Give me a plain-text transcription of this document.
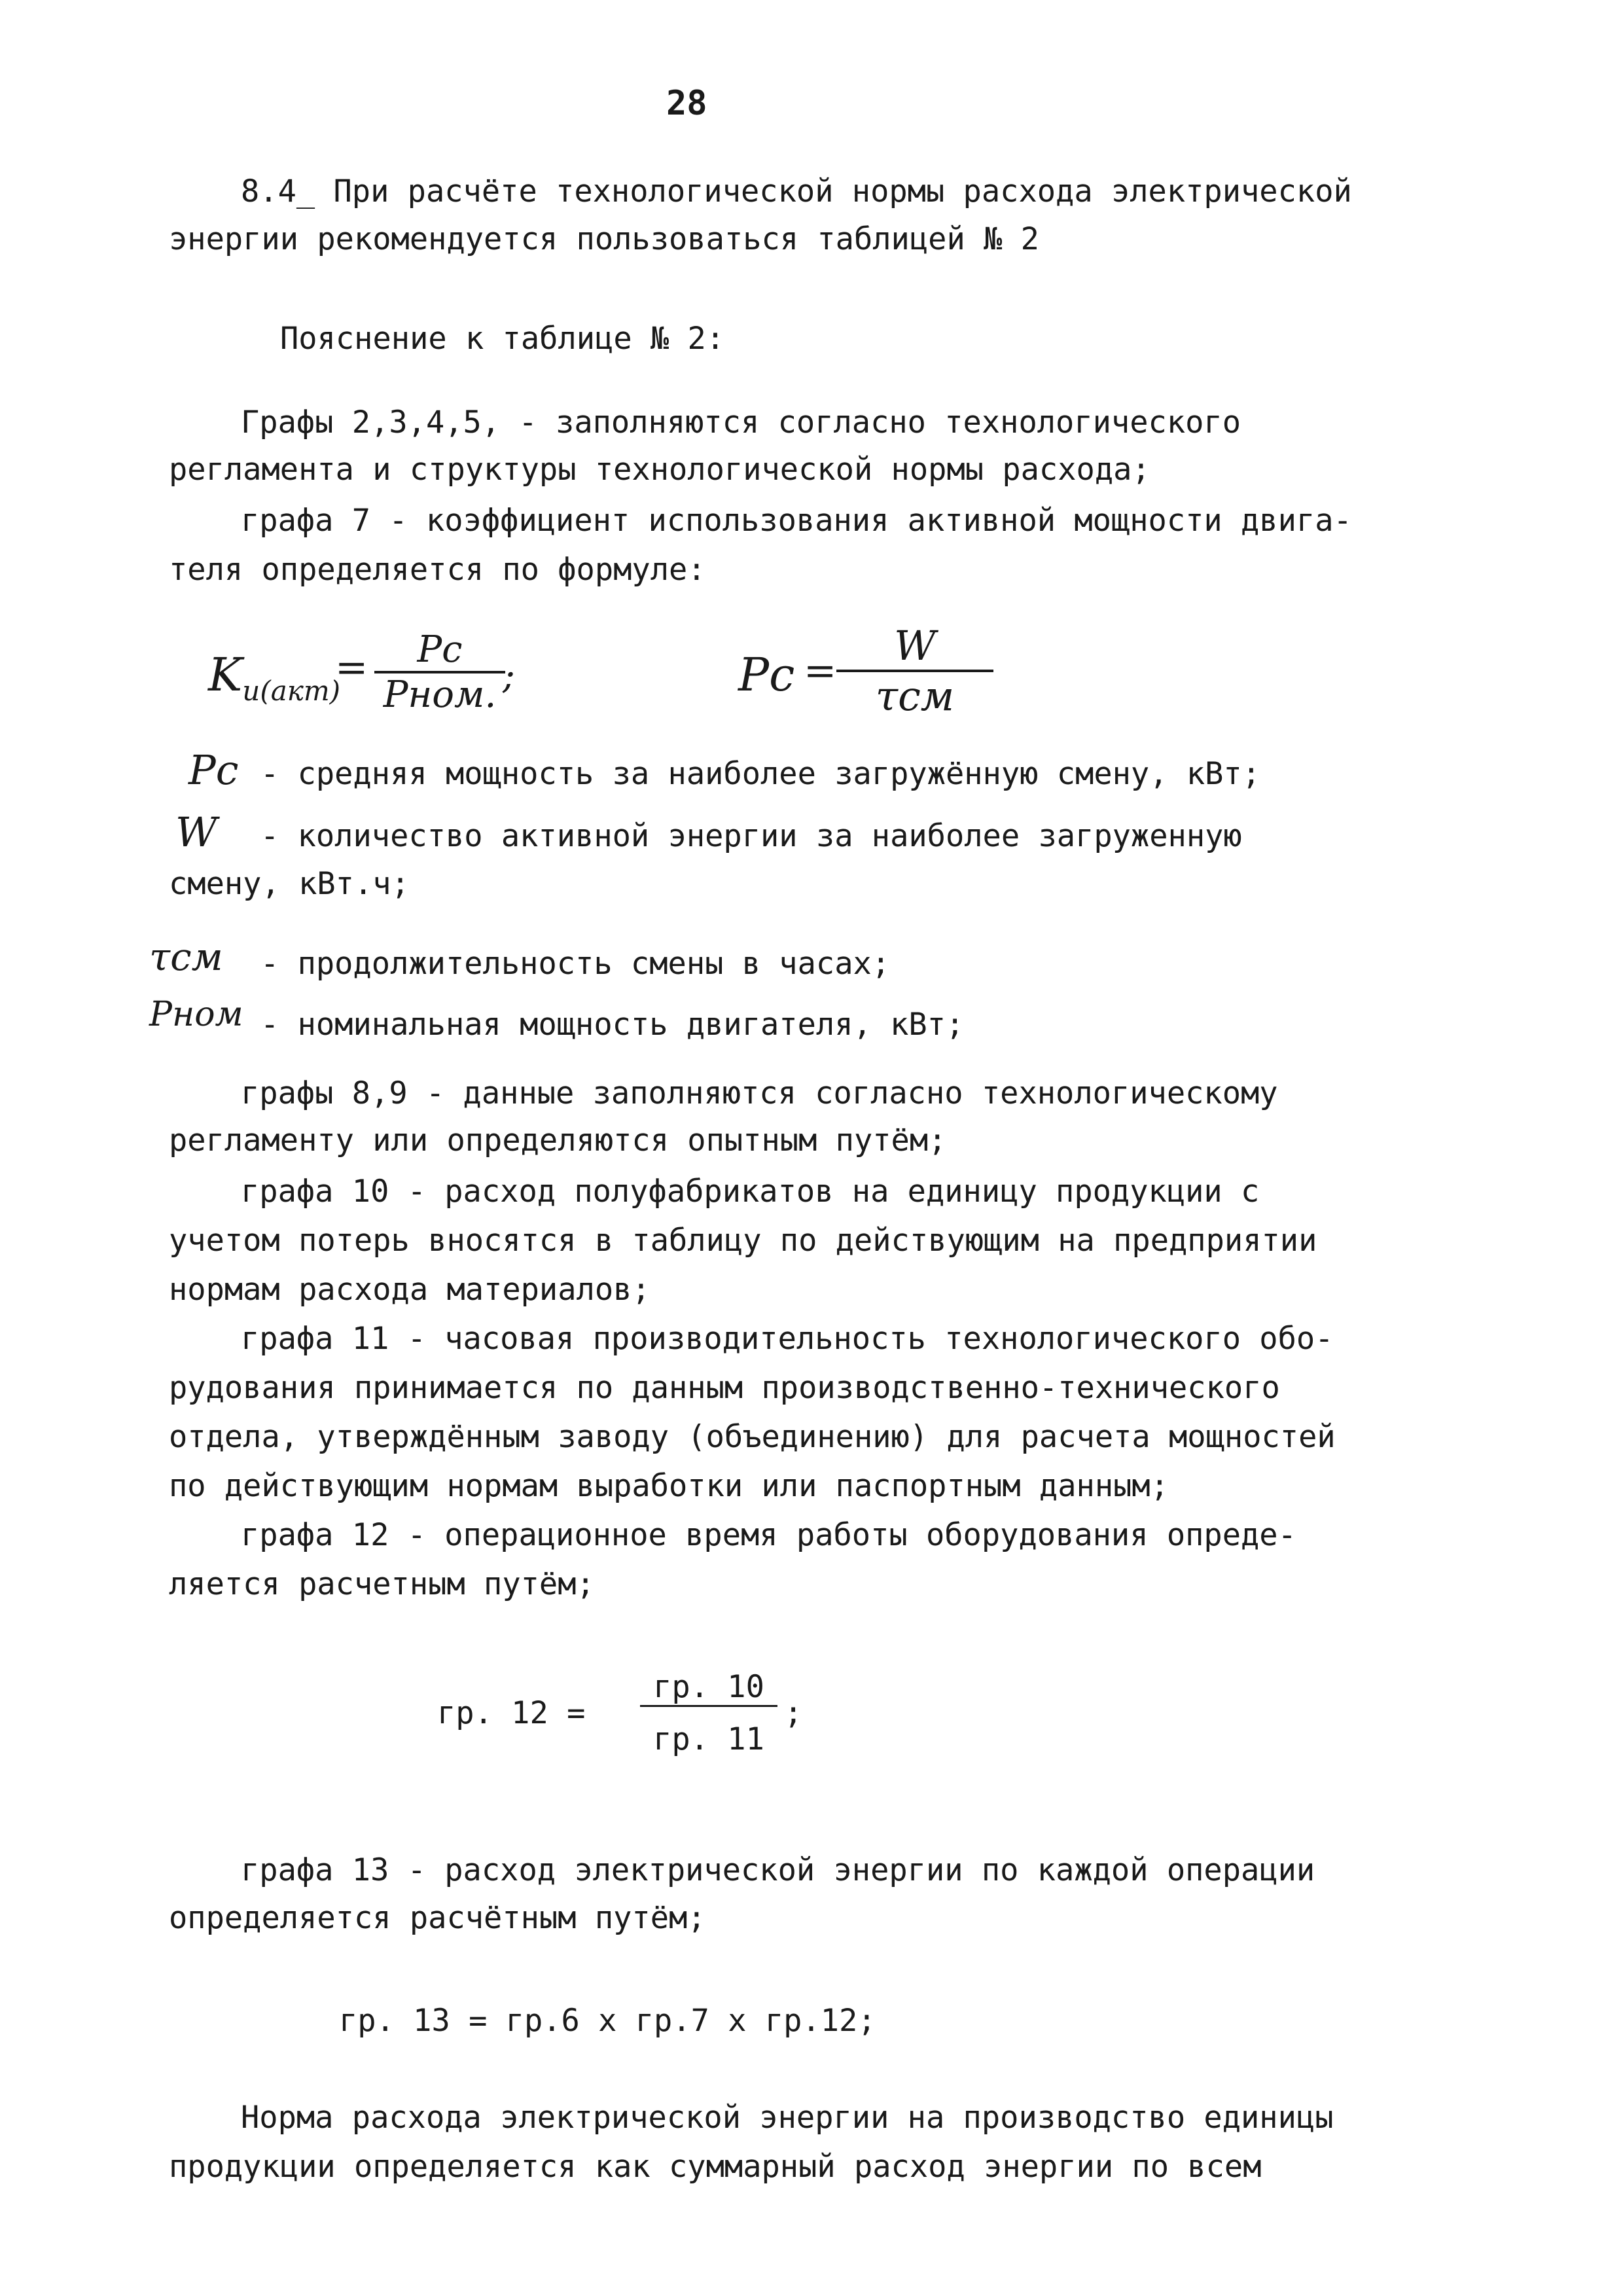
28
8.4_ При расчёте технологической нормы расхода электрической
энергии рекомендуется пользоваться таблицей № 2
Пояснение к таблице № 2:
Графы 2,3,4,5, - заполняются согласно технологического
регламента и структуры технологической нормы расхода;
графа 7 - коэффициент использования активной мощности двига-
теля определяется по формуле:
$K_{и(акт)}$
=	Pс
Pном. ;	Pс =
W
τсм
Pс - средняя мощность за наиболее загружённую смену, кВт;
W - количество активной энергии за наиболее загруженную
смену, кВт.ч;
τсм - продолжительность смены в часах;
Pном - номинальная мощность двигателя, кВт;
графы 8,9 - данные заполняются согласно технологическому
регламенту или определяются опытным путём;
графа 10 - расход полуфабрикатов на единицу продукции с
учетом потерь вносятся в таблицу по действующим на предприятии
нормам расхода материалов;
графа 11 - часовая производительность технологического обо-
рудования принимается по данным производственно-технического
отдела, утверждённым заводу (объединению) для расчета мощностей
по действующим нормам выработки или паспортным данным;
графа 12 - операционное время работы оборудования опреде-
ляется расчетным путём;
гр. 12 =
гр. 10
гр. 11
;
графа 13 - расход электрической энергии по каждой операции
определяется расчётным путём;
гр. 13 = гр.6 х гр.7 х гр.12;
Норма расхода электрической энергии на производство единицы
продукции определяется как суммарный расход энергии по всем
